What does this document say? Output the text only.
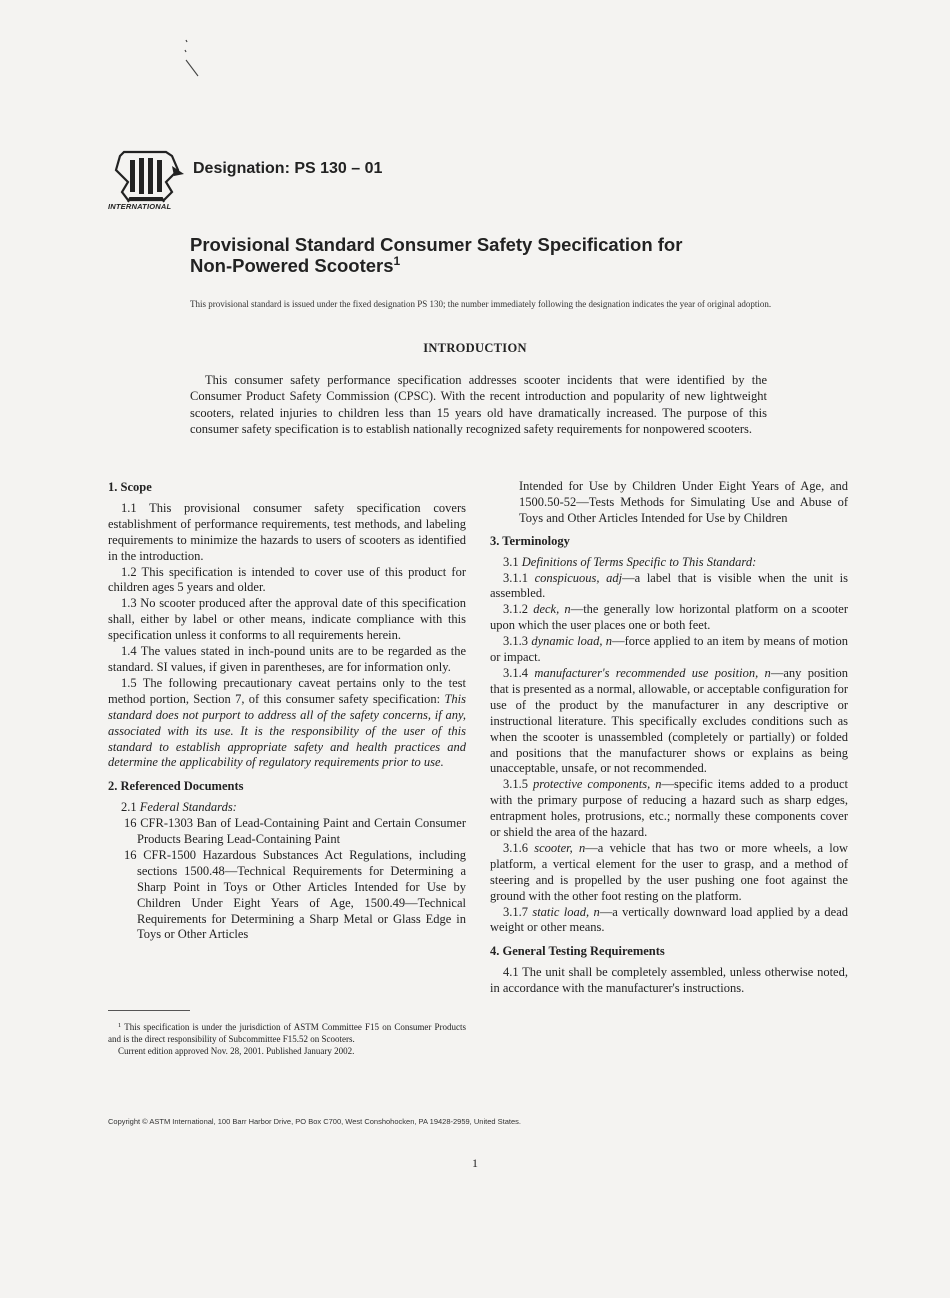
INTERNATIONAL
Designation: PS 130 – 01
Provisional Standard Consumer Safety Specification for
Non-Powered Scooters$^1$
This provisional standard is issued under the fixed designation PS 130; the number immediately following the designation indicates the year of original adoption.
INTRODUCTION
This consumer safety performance specification addresses scooter incidents that were identified by the Consumer Product Safety Commission (CPSC). With the recent introduction and popularity of new lightweight scooters, related injuries to children less than 15 years old have dramatically increased. The purpose of this consumer safety specification is to establish nationally recognized safety requirements for nonpowered scooters.
1. Scope

1.1 This provisional consumer safety specification covers establishment of performance requirements, test methods, and labeling requirements to minimize the hazards to users of scooters as identified in the introduction.

1.2 This specification is intended to cover use of this product for children ages 5 years and older.

1.3 No scooter produced after the approval date of this specification shall, either by label or other means, indicate compliance with this specification unless it conforms to all requirements herein.

1.4 The values stated in inch-pound units are to be regarded as the standard. SI values, if given in parentheses, are for information only.

1.5 The following precautionary caveat pertains only to the test method portion, Section 7, of this consumer safety specification: This standard does not purport to address all of the safety concerns, if any, associated with its use. It is the responsibility of the user of this standard to establish appropriate safety and health practices and determine the applicability of regulatory requirements prior to use.

2. Referenced Documents

2.1 Federal Standards:

16 CFR-1303 Ban of Lead-Containing Paint and Certain Consumer Products Bearing Lead-Containing Paint

16 CFR-1500 Hazardous Substances Act Regulations, including sections 1500.48—Technical Requirements for Determining a Sharp Point in Toys or Other Articles Intended for Use by Children Under Eight Years of Age, 1500.49—Technical Requirements for Determining a Sharp Metal or Glass Edge in Toys or Other Articles

$^1$ This specification is under the jurisdiction of ASTM Committee F15 on Consumer Products and is the direct responsibility of Subcommittee F15.52 on Scooters.

Current edition approved Nov. 28, 2001. Published January 2002.

Intended for Use by Children Under Eight Years of Age, and 1500.50-52—Tests Methods for Simulating Use and Abuse of Toys and Other Articles Intended for Use by Children

3. Terminology

3.1 Definitions of Terms Specific to This Standard:

3.1.1 conspicuous, adj—a label that is visible when the unit is assembled.

3.1.2 deck, n—the generally low horizontal platform on a scooter upon which the user places one or both feet.

3.1.3 dynamic load, n—force applied to an item by means of motion or impact.

3.1.4 manufacturer's recommended use position, n—any position that is presented as a normal, allowable, or acceptable configuration for use of the product by the manufacturer in any descriptive or instructional literature. This specifically excludes conditions such as when the scooter is unassembled (completely or partially) or folded and positions that the manufacturer shows or explains as being unacceptable, unsafe, or not recommended.

3.1.5 protective components, n—specific items added to a product with the primary purpose of reducing a hazard such as sharp edges, entrapment holes, protrusions, etc.; normally these components cover or shield the area of the hazard.

3.1.6 scooter, n—a vehicle that has two or more wheels, a low platform, a vertical element for the user to grasp, and a method of steering and is propelled by the user pushing one foot against the ground with the other foot resting on the platform.

3.1.7 static load, n—a vertically downward load applied by a dead weight or other means.

4. General Testing Requirements

4.1 The unit shall be completely assembled, unless otherwise noted, in accordance with the manufacturer's instructions.

Copyright © ASTM International, 100 Barr Harbor Drive, PO Box C700, West Conshohocken, PA 19428-2959, United States.
1
